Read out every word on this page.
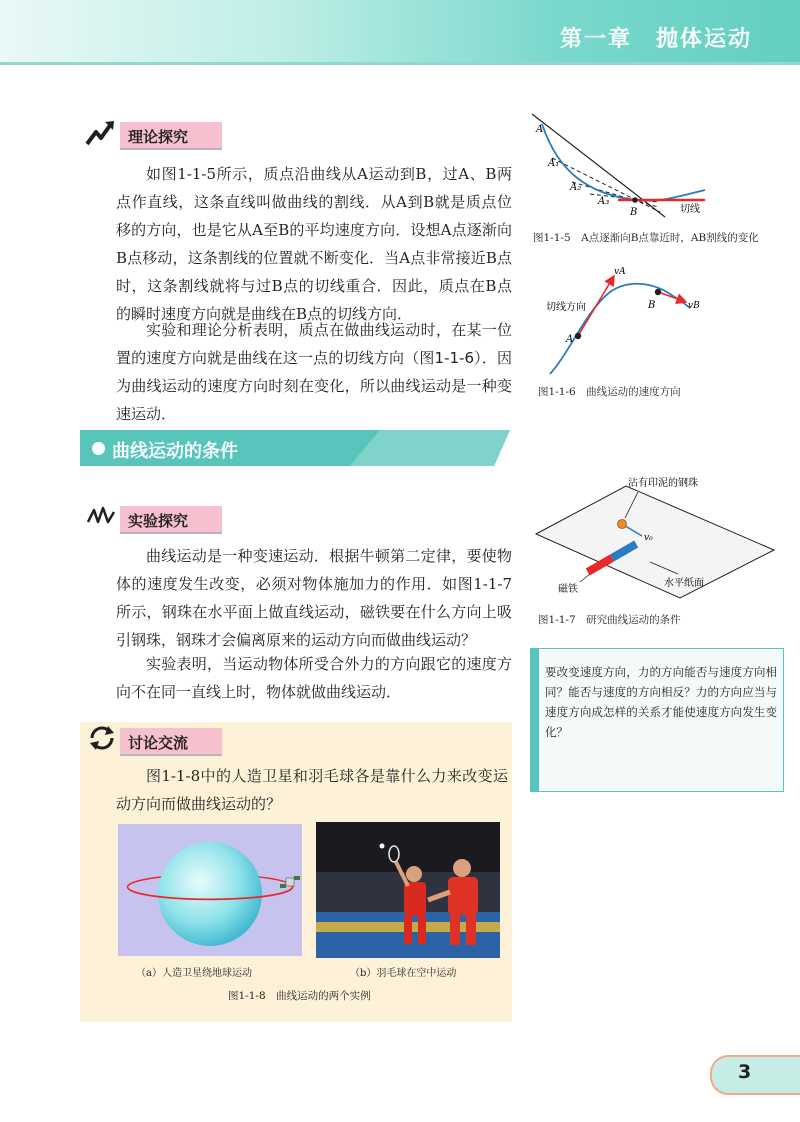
第一章　抛体运动
理论探究
如图1-1-5所示，质点沿曲线从A运动到B，过A、B两点作直线，这条直线叫做曲线的割线．从A到B就是质点位移的方向，也是它从A至B的平均速度方向．设想A点逐渐向B点移动，这条割线的位置就不断变化．当A点非常接近B点时，这条割线就将与过B点的切线重合．因此，质点在B点的瞬时速度方向就是曲线在B点的切线方向．
实验和理论分析表明，质点在做曲线运动时，在某一位置的速度方向就是曲线在这一点的切线方向（图1-1-6）．因为曲线运动的速度方向时刻在变化，所以曲线运动是一种变速运动．
A
A₁
A₂
A₃
B	切线
图1-1-5　A点逐渐向B点靠近时，AB割线的变化
vA
vB
A
B
切线方向
图1-1-6　曲线运动的速度方向
曲线运动的条件
实验探究
曲线运动是一种变速运动．根据牛顿第二定律，要使物体的速度发生改变，必须对物体施加力的作用．如图1-1-7所示，钢珠在水平面上做直线运动，磁铁要在什么方向上吸引钢珠，钢珠才会偏离原来的运动方向而做曲线运动？
实验表明，当运动物体所受合外力的方向跟它的速度方向不在同一直线上时，物体就做曲线运动．
沾有印泥的钢珠
v₀
磁铁
水平纸面
图1-1-7　研究曲线运动的条件
要改变速度方向，力的方向能否与速度方向相同？能否与速度的方向相反？力的方向应当与速度方向成怎样的关系才能使速度方向发生变化？
讨论交流
图1-1-8中的人造卫星和羽毛球各是靠什么力来改变运动方向而做曲线运动的？
（a）人造卫星绕地球运动	（b）羽毛球在空中运动
图1-1-8　曲线运动的两个实例
3
